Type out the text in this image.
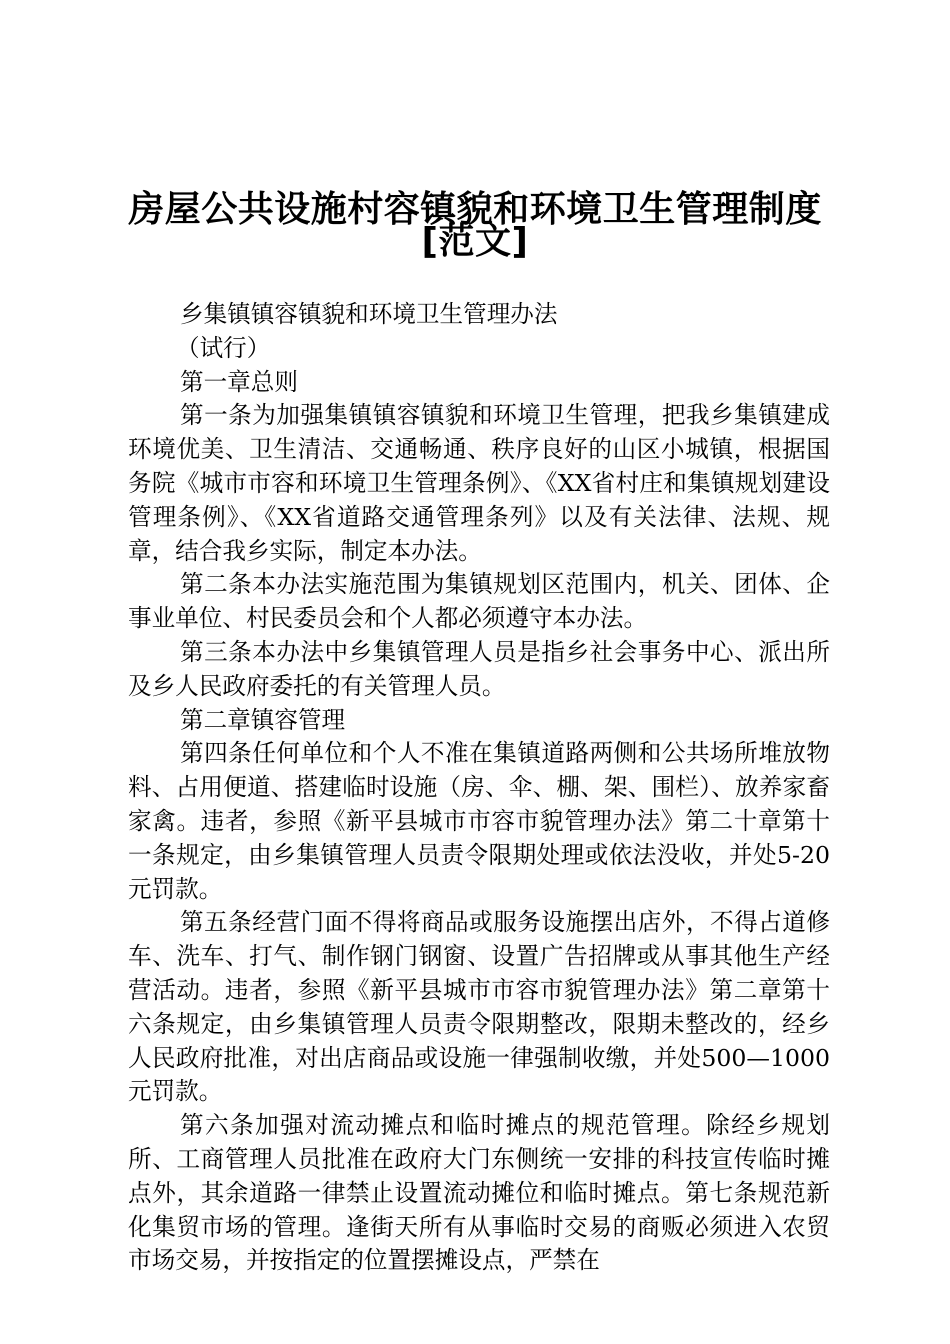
房屋公共设施村容镇貌和环境卫生管理制度
[范文]

乡集镇镇容镇貌和环境卫生管理办法

（试行）

第一章总则

第一条为加强集镇镇容镇貌和环境卫生管理，把我乡集镇建成环境优美、卫生清洁、交通畅通、秩序良好的山区小城镇，根据国务院《城市市容和环境卫生管理条例》、《XX省村庄和集镇规划建设管理条例》、《XX省道路交通管理条列》以及有关法律、法规、规章，结合我乡实际，制定本办法。

第二条本办法实施范围为集镇规划区范围内，机关、团体、企事业单位、村民委员会和个人都必须遵守本办法。

第三条本办法中乡集镇管理人员是指乡社会事务中心、派出所及乡人民政府委托的有关管理人员。

第二章镇容管理

第四条任何单位和个人不准在集镇道路两侧和公共场所堆放物料、占用便道、搭建临时设施（房、伞、棚、架、围栏）、放养家畜家禽。违者，参照《新平县城市市容市貌管理办法》第二十章第十一条规定，由乡集镇管理人员责令限期处理或依法没收，并处5-20元罚款。

第五条经营门面不得将商品或服务设施摆出店外，不得占道修车、洗车、打气、制作钢门钢窗、设置广告招牌或从事其他生产经营活动。违者，参照《新平县城市市容市貌管理办法》第二章第十六条规定，由乡集镇管理人员责令限期整改，限期未整改的，经乡人民政府批准，对出店商品或设施一律强制收缴，并处500—1000元罚款。

第六条加强对流动摊点和临时摊点的规范管理。除经乡规划所、工商管理人员批准在政府大门东侧统一安排的科技宣传临时摊点外，其余道路一律禁止设置流动摊位和临时摊点。第七条规范新化集贸市场的管理。逢街天所有从事临时交易的商贩必须进入农贸市场交易，并按指定的位置摆摊设点，严禁在
